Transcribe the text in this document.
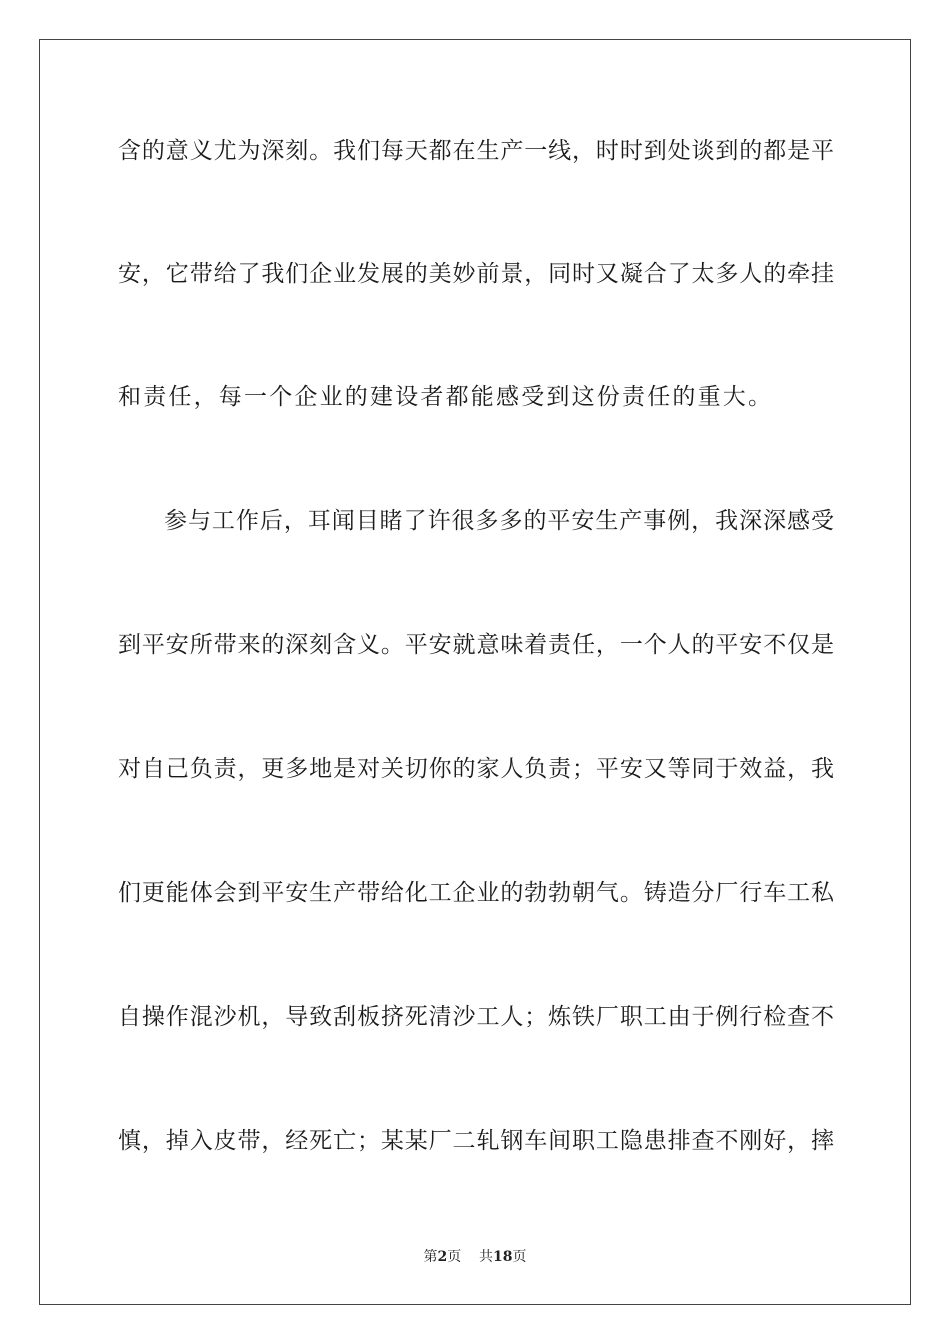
含的意义尤为深刻。我们每天都在生产一线，时时到处谈到的都是平
安，它带给了我们企业发展的美妙前景，同时又凝合了太多人的牵挂
和责任，每一个企业的建设者都能感受到这份责任的重大。
参与工作后，耳闻目睹了许很多多的平安生产事例，我深深感受
到平安所带来的深刻含义。平安就意味着责任，一个人的平安不仅是
对自己负责，更多地是对关切你的家人负责；平安又等同于效益，我
们更能体会到平安生产带给化工企业的勃勃朝气。铸造分厂行车工私
自操作混沙机，导致刮板挤死清沙工人；炼铁厂职工由于例行检查不
慎，掉入皮带，经死亡；某某厂二轧钢车间职工隐患排查不刚好，摔
第2页 共18页
